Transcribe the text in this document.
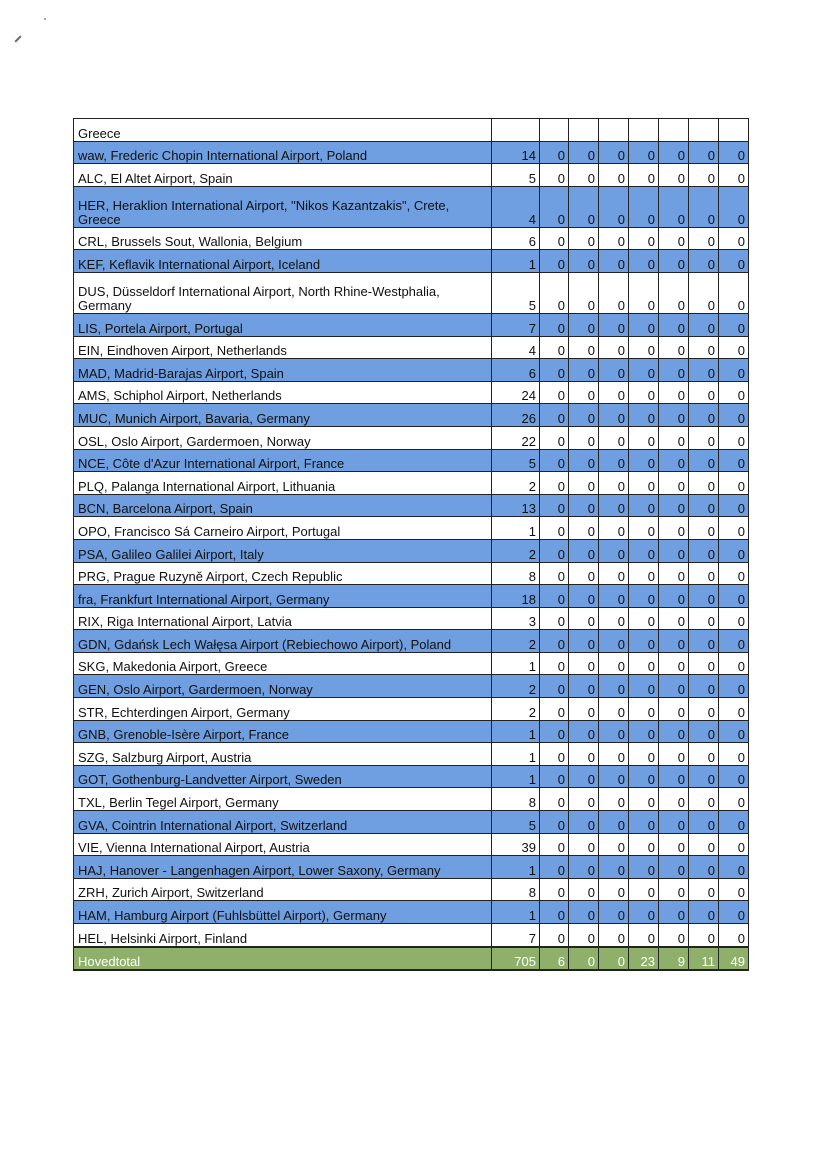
Greece								
waw, Frederic Chopin International Airport, Poland	14	0	0	0	0	0	0	0
ALC, El Altet Airport, Spain	5	0	0	0	0	0	0	0
HER, Heraklion International Airport, "Nikos Kazantzakis", Crete, Greece	4	0	0	0	0	0	0	0
CRL, Brussels Sout, Wallonia, Belgium	6	0	0	0	0	0	0	0
KEF, Keflavik International Airport, Iceland	1	0	0	0	0	0	0	0
DUS, Düsseldorf International Airport, North Rhine-Westphalia, Germany	5	0	0	0	0	0	0	0
LIS, Portela Airport, Portugal	7	0	0	0	0	0	0	0
EIN, Eindhoven Airport, Netherlands	4	0	0	0	0	0	0	0
MAD, Madrid-Barajas Airport, Spain	6	0	0	0	0	0	0	0
AMS, Schiphol Airport, Netherlands	24	0	0	0	0	0	0	0
MUC, Munich Airport, Bavaria, Germany	26	0	0	0	0	0	0	0
OSL, Oslo Airport, Gardermoen, Norway	22	0	0	0	0	0	0	0
NCE, Côte d'Azur International Airport, France	5	0	0	0	0	0	0	0
PLQ, Palanga International Airport, Lithuania	2	0	0	0	0	0	0	0
BCN, Barcelona Airport, Spain	13	0	0	0	0	0	0	0
OPO, Francisco Sá Carneiro Airport, Portugal	1	0	0	0	0	0	0	0
PSA, Galileo Galilei Airport, Italy	2	0	0	0	0	0	0	0
PRG, Prague Ruzyně Airport, Czech Republic	8	0	0	0	0	0	0	0
fra, Frankfurt International Airport, Germany	18	0	0	0	0	0	0	0
RIX, Riga International Airport, Latvia	3	0	0	0	0	0	0	0
GDN, Gdańsk Lech Wałęsa Airport (Rebiechowo Airport), Poland	2	0	0	0	0	0	0	0
SKG, Makedonia Airport, Greece	1	0	0	0	0	0	0	0
GEN, Oslo Airport, Gardermoen, Norway	2	0	0	0	0	0	0	0
STR, Echterdingen Airport, Germany	2	0	0	0	0	0	0	0
GNB, Grenoble-Isère Airport, France	1	0	0	0	0	0	0	0
SZG, Salzburg Airport, Austria	1	0	0	0	0	0	0	0
GOT, Gothenburg-Landvetter Airport, Sweden	1	0	0	0	0	0	0	0
TXL, Berlin Tegel Airport, Germany	8	0	0	0	0	0	0	0
GVA, Cointrin International Airport, Switzerland	5	0	0	0	0	0	0	0
VIE, Vienna International Airport, Austria	39	0	0	0	0	0	0	0
HAJ, Hanover - Langenhagen Airport, Lower Saxony, Germany	1	0	0	0	0	0	0	0
ZRH, Zurich Airport, Switzerland	8	0	0	0	0	0	0	0
HAM, Hamburg Airport (Fuhlsbüttel Airport), Germany	1	0	0	0	0	0	0	0
HEL, Helsinki Airport, Finland	7	0	0	0	0	0	0	0
Hovedtotal	705	6	0	0	23	9	11	49
